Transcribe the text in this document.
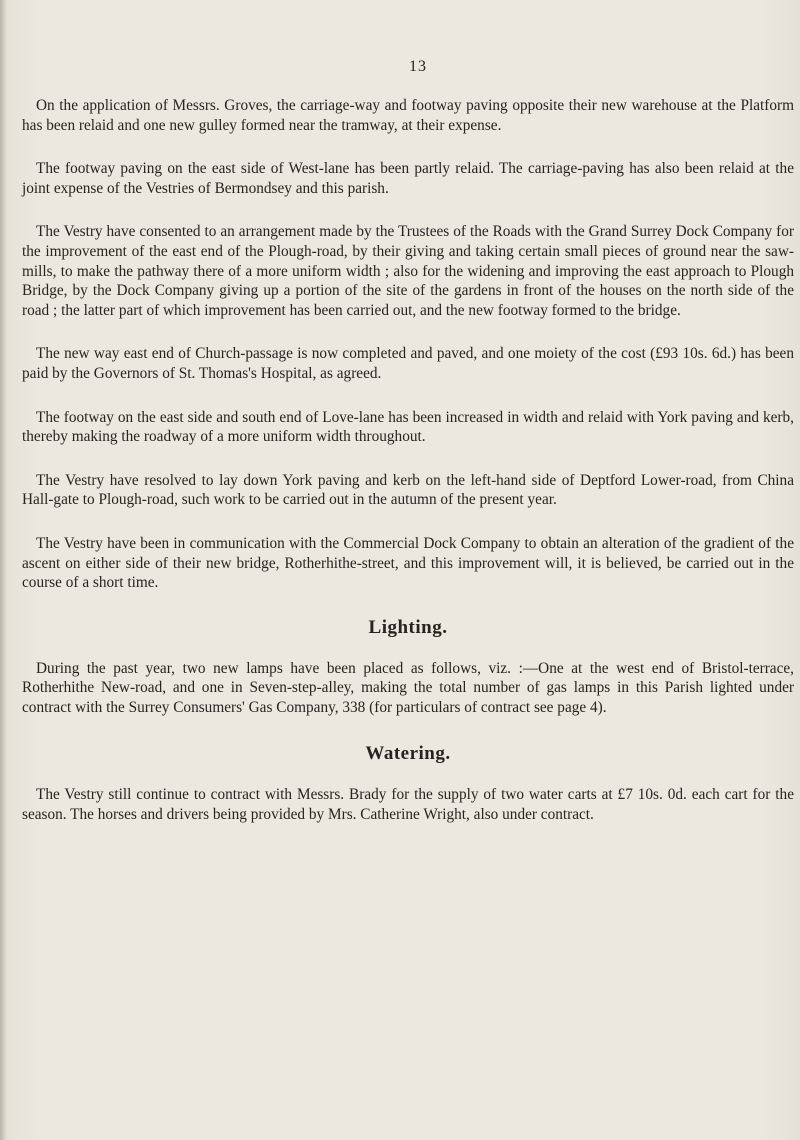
13

On the application of Messrs. Groves, the carriage-way and footway paving opposite their new warehouse at the Platform has been relaid and one new gulley formed near the tramway, at their expense.

The footway paving on the east side of West-lane has been partly relaid. The carriage-paving has also been relaid at the joint expense of the Vestries of Bermondsey and this parish.

The Vestry have consented to an arrangement made by the Trustees of the Roads with the Grand Surrey Dock Company for the improvement of the east end of the Plough-road, by their giving and taking certain small pieces of ground near the saw-mills, to make the pathway there of a more uniform width ; also for the widening and improving the east approach to Plough Bridge, by the Dock Company giving up a portion of the site of the gardens in front of the houses on the north side of the road ; the latter part of which improvement has been carried out, and the new footway formed to the bridge.

The new way east end of Church-passage is now completed and paved, and one moiety of the cost (£93 10s. 6d.) has been paid by the Governors of St. Thomas's Hospital, as agreed.

The footway on the east side and south end of Love-lane has been increased in width and relaid with York paving and kerb, thereby making the roadway of a more uniform width throughout.

The Vestry have resolved to lay down York paving and kerb on the left-hand side of Deptford Lower-road, from China Hall-gate to Plough-road, such work to be carried out in the autumn of the present year.

The Vestry have been in communication with the Commercial Dock Company to obtain an alteration of the gradient of the ascent on either side of their new bridge, Rotherhithe-street, and this improvement will, it is believed, be carried out in the course of a short time.

Lighting.

During the past year, two new lamps have been placed as follows, viz. :—One at the west end of Bristol-terrace, Rotherhithe New-road, and one in Seven-step-alley, making the total number of gas lamps in this Parish lighted under contract with the Surrey Consumers' Gas Company, 338 (for particulars of contract see page 4).

Watering.

The Vestry still continue to contract with Messrs. Brady for the supply of two water carts at £7 10s. 0d. each cart for the season. The horses and drivers being provided by Mrs. Catherine Wright, also under contract.
